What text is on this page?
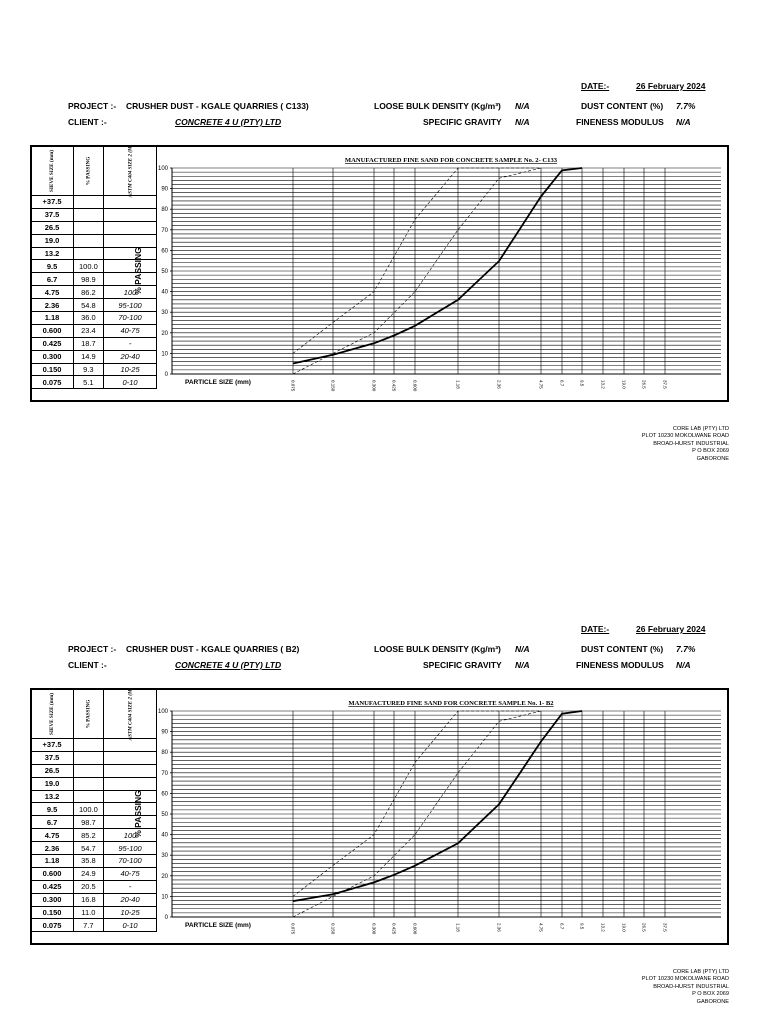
DATE:-	26 February 2024
PROJECT :- CRUSHER DUST - KGALE QUARRIES ( C133)
CLIENT :-	CONCRETE 4 U (PTY) LTD
LOOSE BULK DENSITY (Kg/m³) N/A
SPECIFIC GRAVITY N/A
DUST CONTENT (%) 7.7%
FINENESS MODULUS N/A
SIEVE SIZE (mm)	% PASSING	ASTM C404 SIZE 2 (M)
+37.5		
37.5		
26.5		
19.0		
13.2		
9.5	100.0	
6.7	98.9	
4.75	86.2	100
2.36	54.8	95-100
1.18	36.0	70-100
0.600	23.4	40-75
0.425	18.7	-
0.300	14.9	20-40
0.150	9.3	10-25
0.075	5.1	0-10
0
10
20
30
40
50
60
70
80
90
100
0.075	0.150	0.300	0.425	0.600	1.18	2.36	4.75	6.7	9.5	13.2	19.0	26.5	37.5
MANUFACTURED FINE SAND FOR CONCRETE SAMPLE No. 2- C133
% PASSING
PARTICLE SIZE (mm)
CORE LAB (PTY) LTD
PLOT 10230 MOKOLWANE ROAD
BROAD-HURST INDUSTRIAL
P O BOX 2069
GABORONE
DATE:-	26 February 2024
PROJECT :- CRUSHER DUST - KGALE QUARRIES ( B2)
CLIENT :-	CONCRETE 4 U (PTY) LTD
LOOSE BULK DENSITY (Kg/m³) N/A
SPECIFIC GRAVITY N/A
DUST CONTENT (%) 7.7%
FINENESS MODULUS N/A
SIEVE SIZE (mm)	% PASSING	ASTM C404 SIZE 2 (M)
+37.5		
37.5		
26.5		
19.0		
13.2		
9.5	100.0	
6.7	98.7	
4.75	85.2	100
2.36	54.7	95-100
1.18	35.8	70-100
0.600	24.9	40-75
0.425	20.5	-
0.300	16.8	20-40
0.150	11.0	10-25
0.075	7.7	0-10
0
10
20
30
40
50
60
70
80
90
100
0.075	0.150	0.300	0.425	0.600	1.18	2.36	4.75	6.7	9.5	13.2	19.0	26.5	37.5
MANUFACTURED FINE SAND FOR CONCRETE SAMPLE No. 1- B2
% PASSING
PARTICLE SIZE (mm)
CORE LAB (PTY) LTD
PLOT 10230 MOKOLWANE ROAD
BROAD-HURST INDUSTRIAL
P O BOX 2069
GABORONE
